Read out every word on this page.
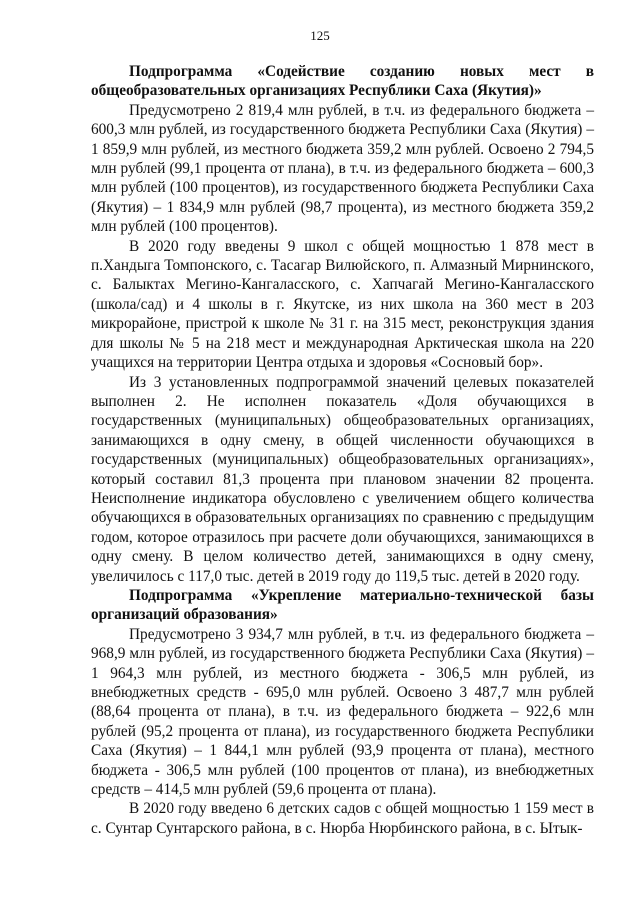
125

Подпрограмма «Содействие созданию новых мест в общеобразовательных организациях Республики Саха (Якутия)»

Предусмотрено 2 819,4 млн рублей, в т.ч. из федерального бюджета – 600,3 млн рублей, из государственного бюджета Республики Саха (Якутия) – 1 859,9 млн рублей, из местного бюджета 359,2 млн рублей. Освоено 2 794,5 млн рублей (99,1 процента от плана), в т.ч. из федерального бюджета – 600,3 млн рублей (100 процентов), из государственного бюджета Республики Саха (Якутия) – 1 834,9 млн рублей (98,7 процента), из местного бюджета 359,2 млн рублей (100 процентов).

В 2020 году введены 9 школ с общей мощностью 1 878 мест в п.Хандыга Томпонского, с. Тасагар Вилюйского, п. Алмазный Мирнинского, с. Балыктах Мегино-Кангаласского, с. Хапчагай Мегино-Кангаласского (школа/сад) и 4 школы в г. Якутске, из них школа на 360 мест в 203 микрорайоне, пристрой к школе № 31 г. на 315 мест, реконструкция здания для школы № 5 на 218 мест и международная Арктическая школа на 220 учащихся на территории Центра отдыха и здоровья «Сосновый бор».

Из 3 установленных подпрограммой значений целевых показателей выполнен 2. Не исполнен показатель «Доля обучающихся в государственных (муниципальных) общеобразовательных организациях, занимающихся в одну смену, в общей численности обучающихся в государственных (муниципальных) общеобразовательных организациях», который составил 81,3 процента при плановом значении 82 процента. Неисполнение индикатора обусловлено с увеличением общего количества обучающихся в образовательных организациях по сравнению с предыдущим годом, которое отразилось при расчете доли обучающихся, занимающихся в одну смену. В целом количество детей, занимающихся в одну смену, увеличилось с 117,0 тыс. детей в 2019 году до 119,5 тыс. детей в 2020 году.

Подпрограмма «Укрепление материально-технической базы организаций образования»

Предусмотрено 3 934,7 млн рублей, в т.ч. из федерального бюджета – 968,9 млн рублей, из государственного бюджета Республики Саха (Якутия) – 1 964,3 млн рублей, из местного бюджета - 306,5 млн рублей, из внебюджетных средств - 695,0 млн рублей. Освоено 3 487,7 млн рублей (88,64 процента от плана), в т.ч. из федерального бюджета – 922,6 млн рублей (95,2 процента от плана), из государственного бюджета Республики Саха (Якутия) – 1 844,1 млн рублей (93,9 процента от плана), местного бюджета - 306,5 млн рублей (100 процентов от плана), из внебюджетных средств – 414,5 млн рублей (59,6 процента от плана).

В 2020 году введено 6 детских садов с общей мощностью 1 159 мест в с. Сунтар Сунтарского района, в с. Нюрба Нюрбинского района, в с. Ытык-
